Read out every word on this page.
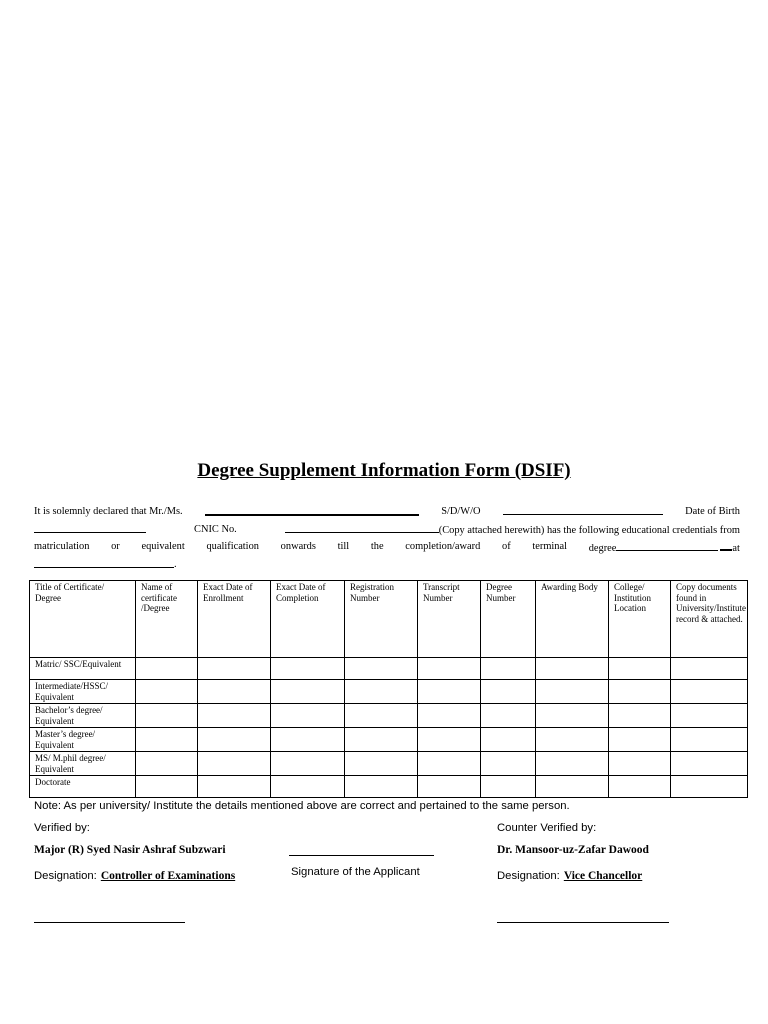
Degree Supplement Information Form (DSIF)
It is solemnly declared that Mr./Ms.	S/D/W/O	Date of Birth
CNIC No.	(Copy attached herewith) has the following educational credentials from
matriculation or equivalent qualification onwards till the completion/award of terminal degree	at
.
Title of Certificate/ Degree	Name of certificate /Degree	Exact Date of Enrollment	Exact Date of Completion	Registration Number	Transcript Number	Degree Number	Awarding Body	College/ Institution Location	Copy documents found in University/Institute record & attached.
Matric/ SSC/Equivalent									
Intermediate/HSSC/ Equivalent									
Bachelor’s degree/ Equivalent									
Master’s degree/ Equivalent									
MS/ M.phil degree/ Equivalent									
Doctorate									
Note: As per university/ Institute the details mentioned above are correct and pertained to the same person.
Verified by:	Counter Verified by:
Major (R) Syed Nasir Ashraf Subzwari	Dr. Mansoor-uz-Zafar Dawood
Designation: Controller of Examinations	Signature of the Applicant	Designation: Vice Chancellor
